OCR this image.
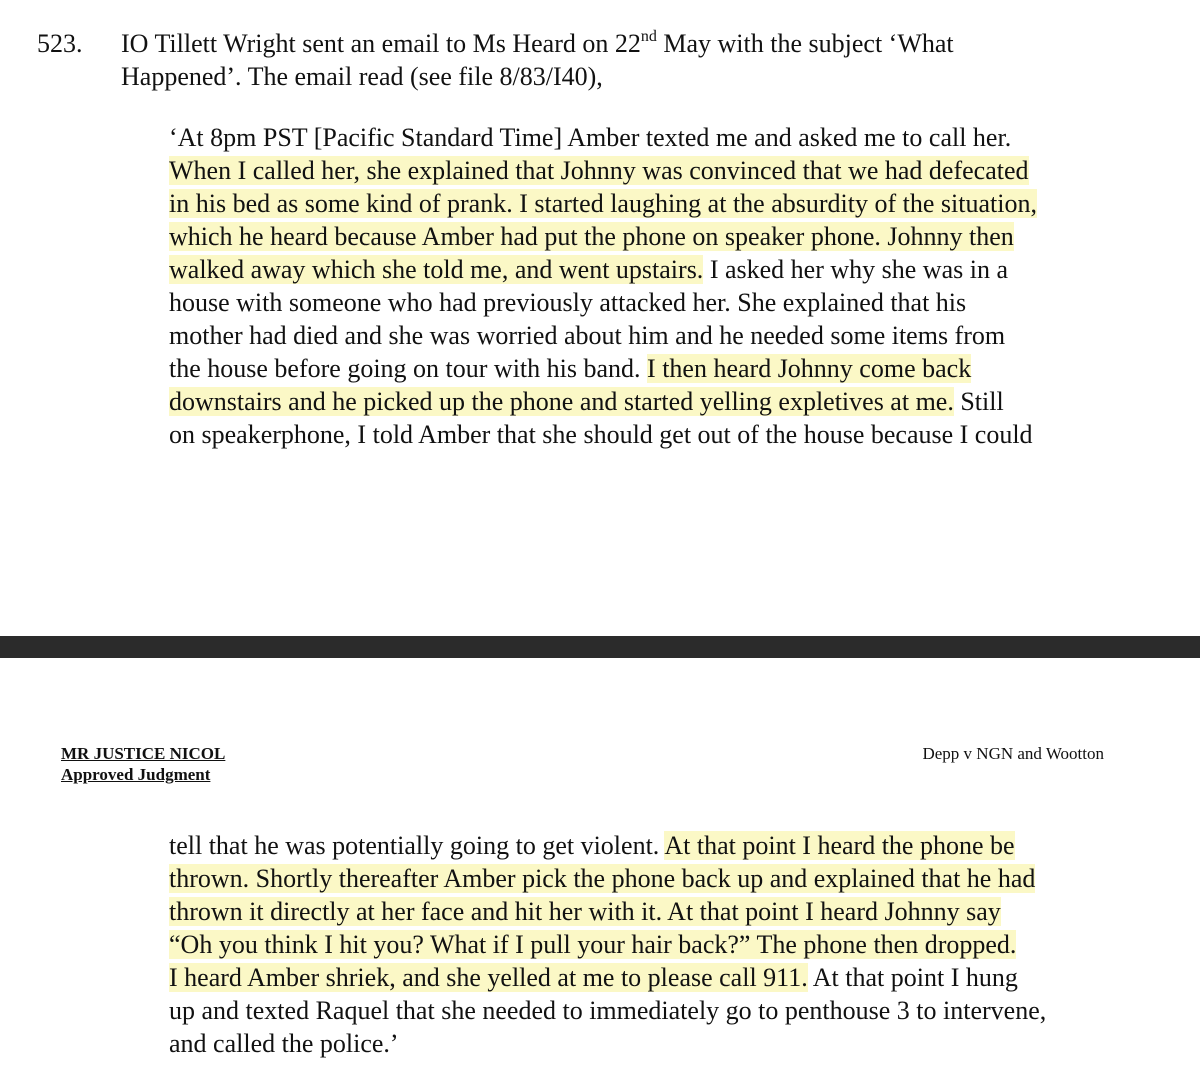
523. IO Tillett Wright sent an email to Ms Heard on 22nd May with the subject ‘What
Happened’. The email read (see file 8/83/I40),
‘At 8pm PST [Pacific Standard Time] Amber texted me and asked me to call her.
When I called her, she explained that Johnny was convinced that we had defecated
in his bed as some kind of prank. I started laughing at the absurdity of the situation,
which he heard because Amber had put the phone on speaker phone. Johnny then
walked away which she told me, and went upstairs. I asked her why she was in a
house with someone who had previously attacked her. She explained that his
mother had died and she was worried about him and he needed some items from
the house before going on tour with his band. I then heard Johnny come back
downstairs and he picked up the phone and started yelling expletives at me. Still
on speakerphone, I told Amber that she should get out of the house because I could
MR JUSTICE NICOL
Approved Judgment
Depp v NGN and Wootton
tell that he was potentially going to get violent. At that point I heard the phone be
thrown. Shortly thereafter Amber pick the phone back up and explained that he had
thrown it directly at her face and hit her with it. At that point I heard Johnny say
“Oh you think I hit you? What if I pull your hair back?” The phone then dropped.
I heard Amber shriek, and she yelled at me to please call 911. At that point I hung
up and texted Raquel that she needed to immediately go to penthouse 3 to intervene,
and called the police.’
